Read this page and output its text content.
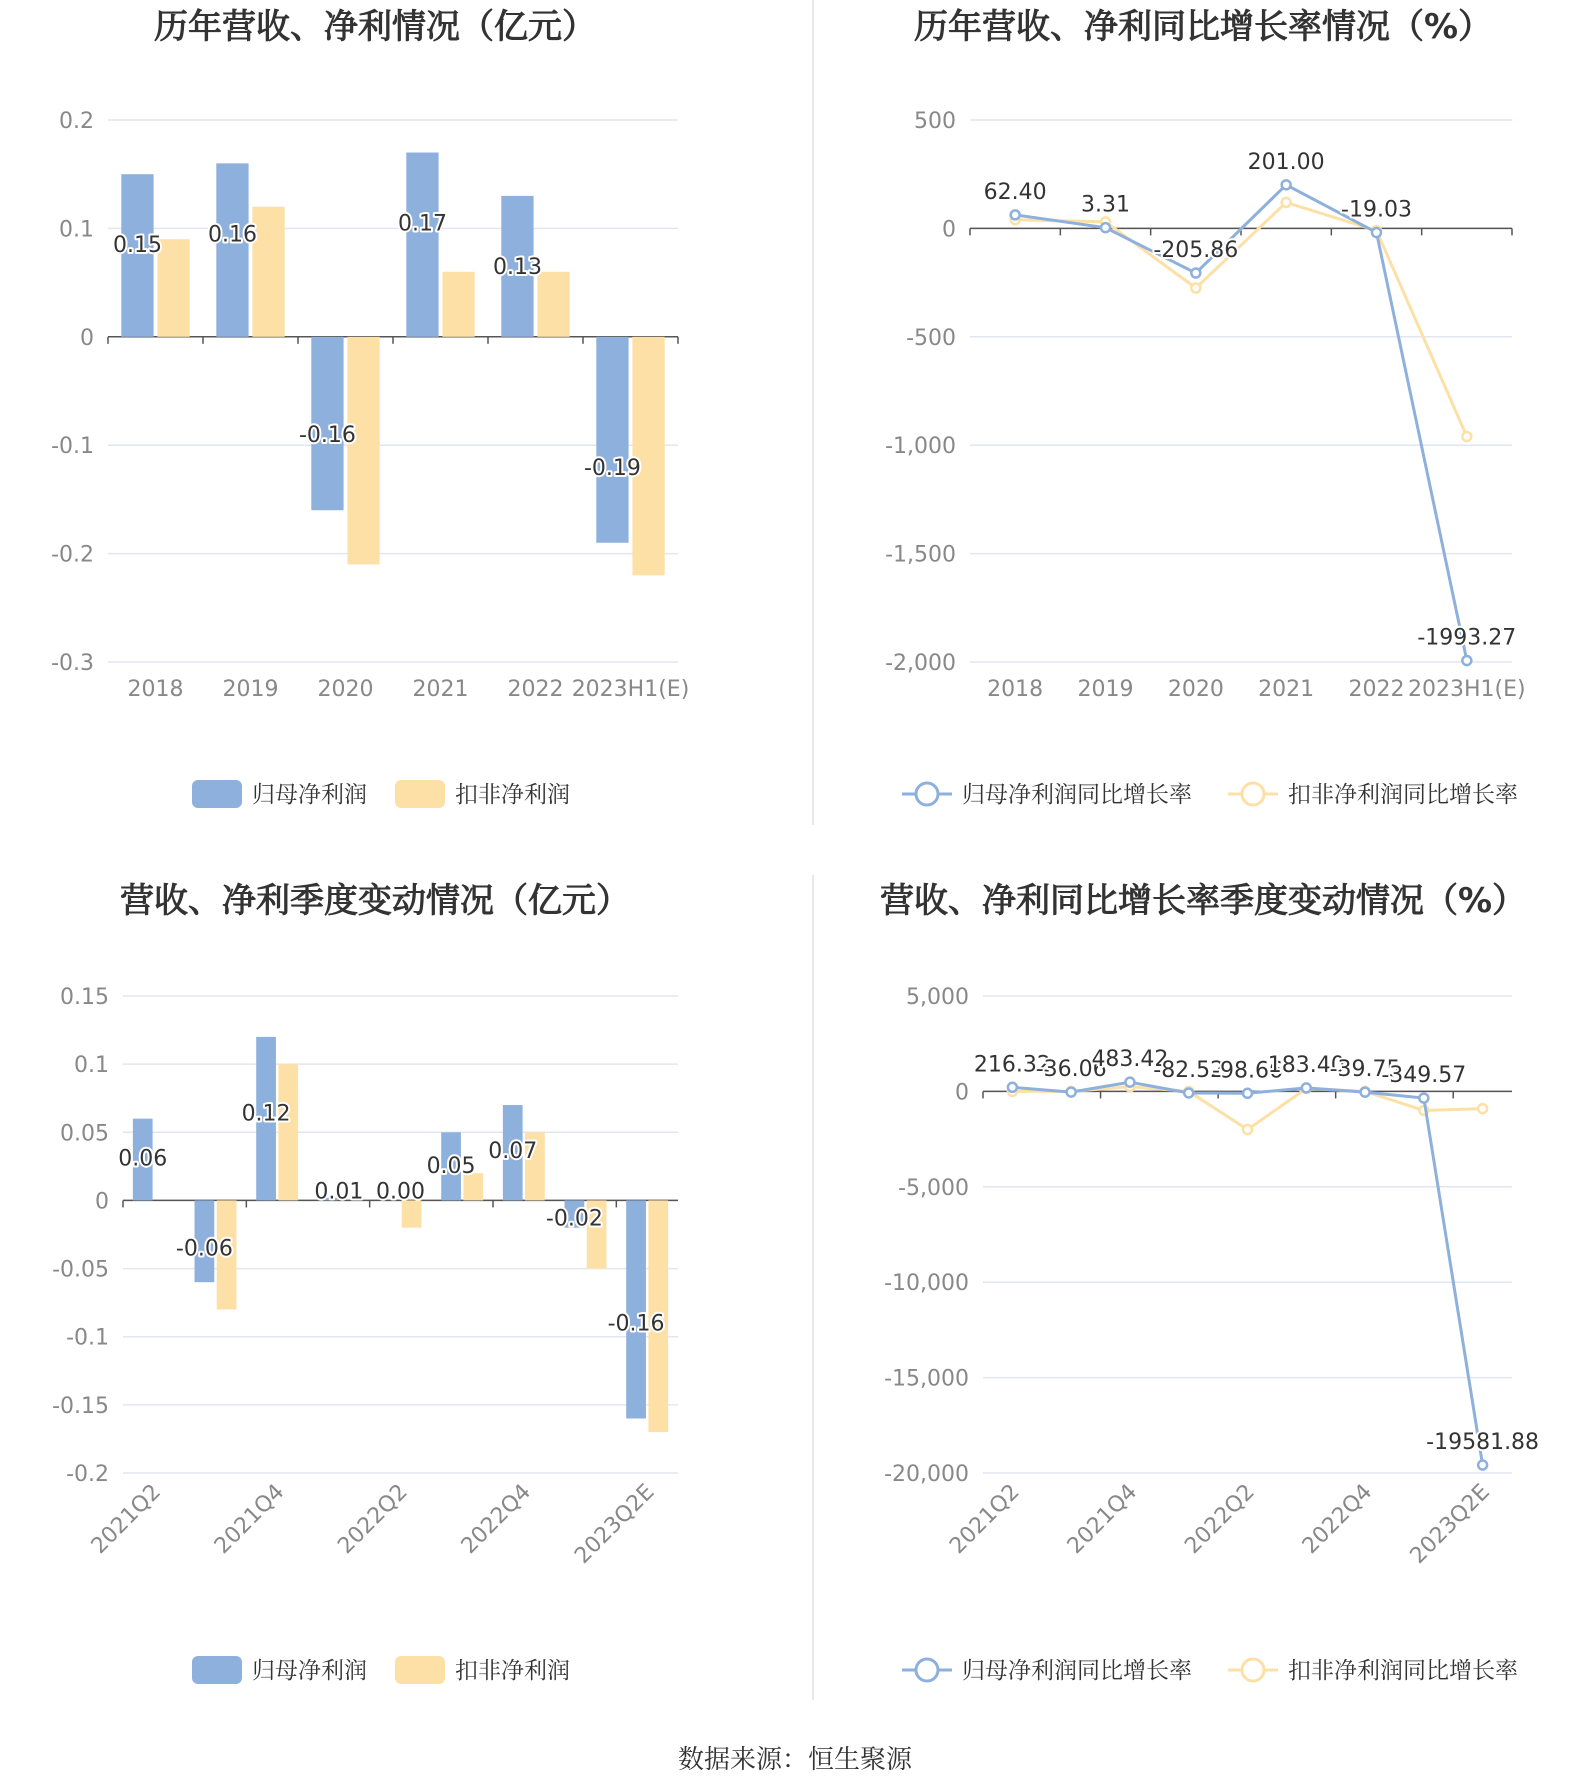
历年营收、净利情况（亿元）
0.2
0.1
0
-0.1
-0.2
-0.3
2018 2019 2020 2021 2022 2023H1(E)
0.15 0.16
-0.16
0.17
0.13
-0.19
归母净利润	扣非净利润
历年营收、净利同比增长率情况（%）
500
0
-500
-1,000
-1,500
-2,000
2018 2019 2020 2021 2022 2023H1(E)
62.40
3.31
-205.86
201.00
-19.03
-1993.27
归母净利润同比增长率	扣非净利润同比增长率
营收、净利季度变动情况（亿元）
0.15
0.1
0.05
0
-0.05
-0.1
-0.15
-0.2
2021Q2 2021Q4 2022Q2 2022Q4 2023Q2E
0.06
-0.06
0.12
0.01 0.00
0.05
0.07
-0.02
-0.16
归母净利润	扣非净利润
营收、净利同比增长率季度变动情况（%）
5,000
0
-5,000
-10,000
-15,000
-20,000
2021Q2 2021Q4 2022Q2 2022Q4 2023Q2E
216.32
-36.06
483.42
-82.52
-98.66
183.40
-39.75
-349.57
-19581.88
归母净利润同比增长率	扣非净利润同比增长率
数据来源：恒生聚源
